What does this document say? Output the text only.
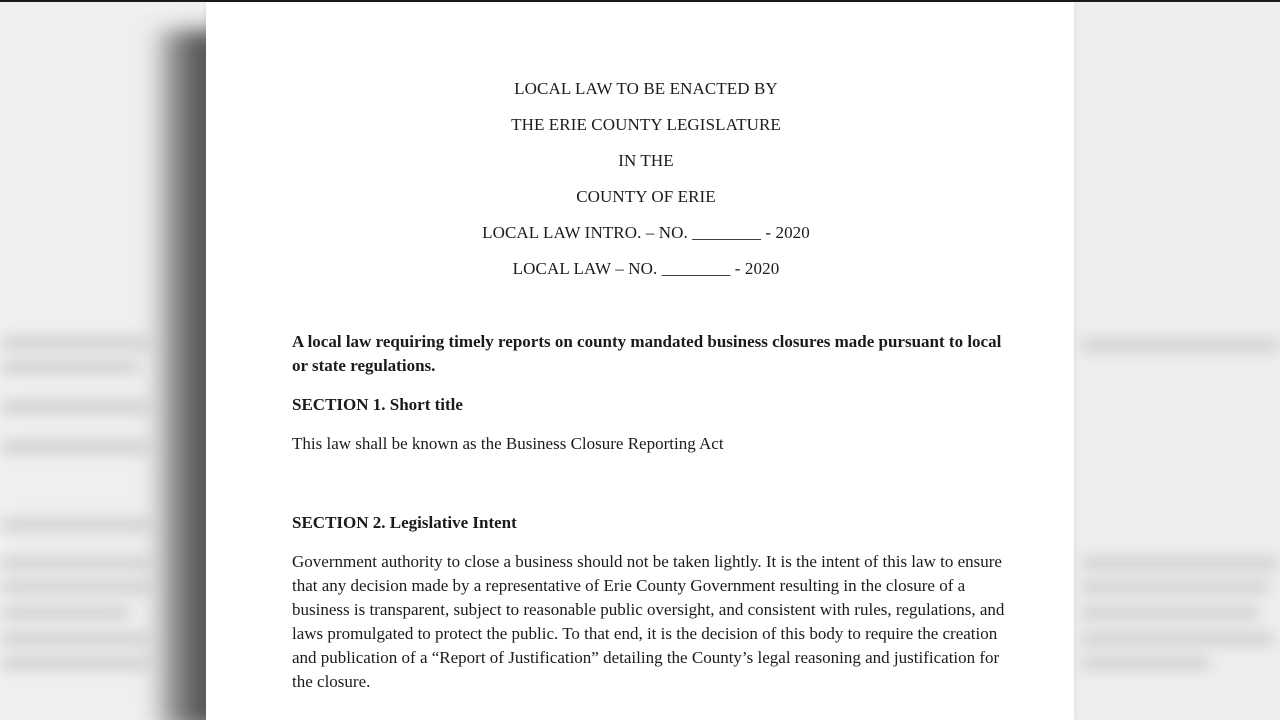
LOCAL LAW TO BE ENACTED BY

THE ERIE COUNTY LEGISLATURE

IN THE

COUNTY OF ERIE

LOCAL LAW INTRO. – NO. ________ - 2020

LOCAL LAW – NO. ________ - 2020

A local law requiring timely reports on county mandated business closures made pursuant to local or state regulations.

SECTION 1. Short title

This law shall be known as the Business Closure Reporting Act

SECTION 2. Legislative Intent

Government authority to close a business should not be taken lightly. It is the intent of this law to ensure that any decision made by a representative of Erie County Government resulting in the closure of a business is transparent, subject to reasonable public oversight, and consistent with rules, regulations, and laws promulgated to protect the public. To that end, it is the decision of this body to require the creation and publication of a “Report of Justification” detailing the County’s legal reasoning and justification for the closure.
